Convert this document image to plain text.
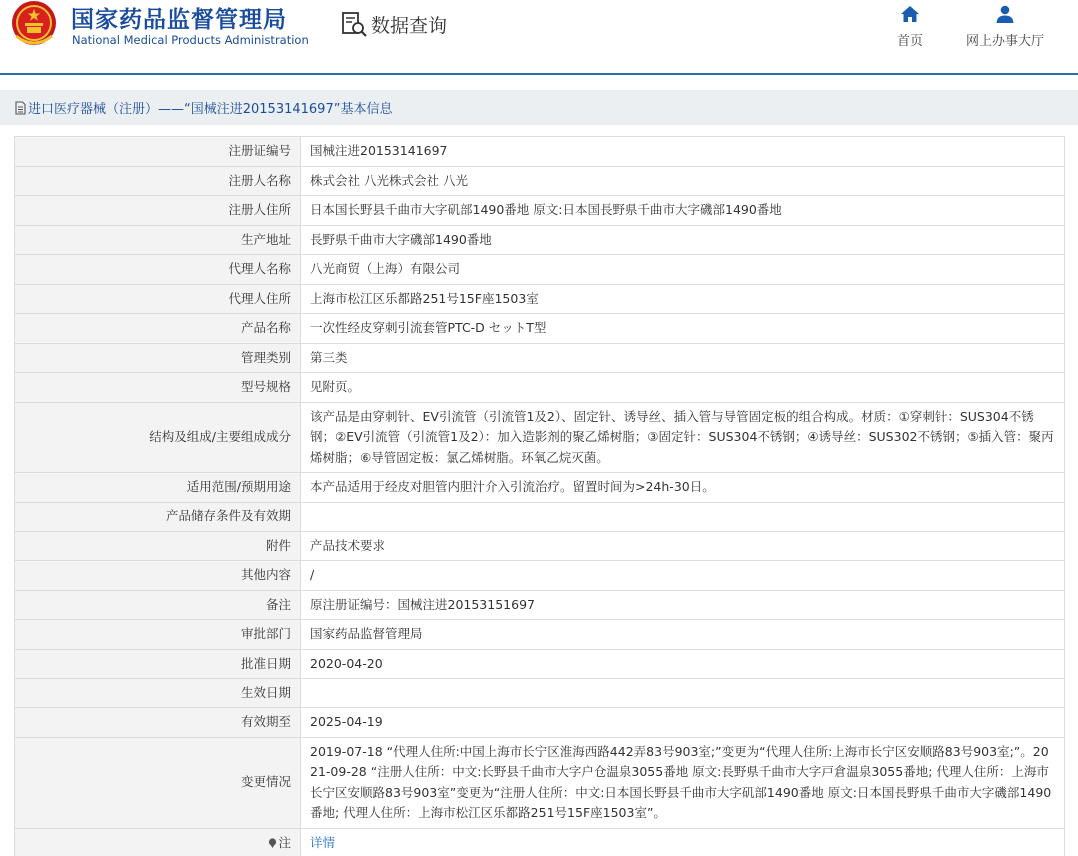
国家药品监督管理局
National Medical Products Administration
数据查询
首页	网上办事大厅
进口医疗器械（注册）——“国械注进20153141697”基本信息
注册证编号	国械注进20153141697
注册人名称	株式会社 八光株式会社 八光
注册人住所	日本国长野县千曲市大字矶部1490番地 原文:日本国長野県千曲市大字磯部1490番地
生产地址	長野県千曲市大字磯部1490番地
代理人名称	八光商贸（上海）有限公司
代理人住所	上海市松江区乐都路251号15F座1503室
产品名称	一次性经皮穿刺引流套管PTC-D セットT型
管理类别	第三类
型号规格	见附页。
结构及组成/主要组成成分	该产品是由穿刺针、EV引流管（引流管1及2）、固定针、诱导丝、插入管与导管固定板的组合构成。材质：①穿刺针：SUS304不锈钢；②EV引流管（引流管1及2）：加入造影剂的聚乙烯树脂；③固定针：SUS304不锈钢；④诱导丝：SUS302不锈钢；⑤插入管：聚丙烯树脂；⑥导管固定板：氯乙烯树脂。环氧乙烷灭菌。
适用范围/预期用途	本产品适用于经皮对胆管内胆汁介入引流治疗。留置时间为>24h-30日。
产品储存条件及有效期	
附件	产品技术要求
其他内容	/
备注	原注册证编号：国械注进20153151697
审批部门	国家药品监督管理局
批准日期	2020-04-20
生效日期	
有效期至	2025-04-19
变更情况	2019-07-18 “代理人住所:中国上海市长宁区淮海西路442弄83号903室;”变更为“代理人住所:上海市长宁区安顺路83号903室;”。2021-09-28 “注册人住所：中文:长野县千曲市大字户仓温泉3055番地 原文:長野県千曲市大字戸倉温泉3055番地; 代理人住所：上海市长宁区安顺路83号903室”变更为“注册人住所：中文:日本国长野县千曲市大字矶部1490番地 原文:日本国長野県千曲市大字磯部1490番地; 代理人住所：上海市松江区乐都路251号15F座1503室”。
注	详情
